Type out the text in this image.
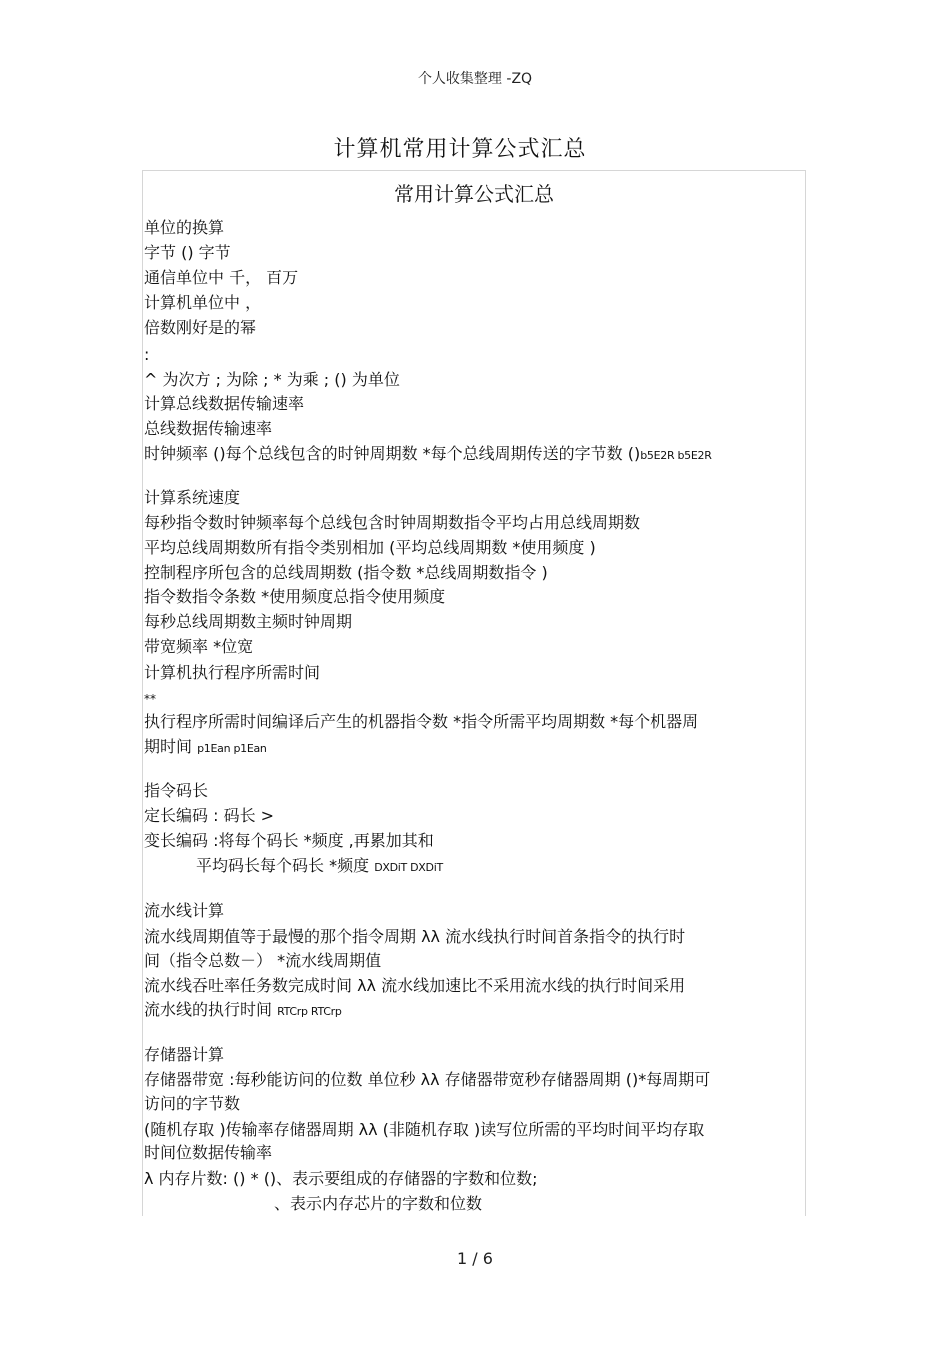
个人收集整理 -ZQ
计算机常用计算公式汇总
常用计算公式汇总
单位的换算
字节 () 字节
通信单位中 千， 百万
计算机单位中 ，
倍数刚好是的幂
:
^ 为次方 ; 为除 ; * 为乘 ; () 为单位
计算总线数据传输速率
总线数据传输速率
时钟频率 ()每个总线包含的时钟周期数 *每个总线周期传送的字节数 ()b5E2R b5E2R
计算系统速度
每秒指令数时钟频率每个总线包含时钟周期数指令平均占用总线周期数
平均总线周期数所有指令类别相加 (平均总线周期数 *使用频度 )
控制程序所包含的总线周期数 (指令数 *总线周期数指令 )
指令数指令条数 *使用频度总指令使用频度
每秒总线周期数主频时钟周期
带宽频率 *位宽
计算机执行程序所需时间
**
执行程序所需时间编译后产生的机器指令数 *指令所需平均周期数 *每个机器周
期时间 p1Ean p1Ean
指令码长
定长编码 : 码长 >
变长编码 :将每个码长 *频度 ,再累加其和
平均码长每个码长 *频度 DXDiT DXDiT
流水线计算
流水线周期值等于最慢的那个指令周期 λλ 流水线执行时间首条指令的执行时
间（指令总数－） *流水线周期值
流水线吞吐率任务数完成时间 λλ 流水线加速比不采用流水线的执行时间采用
流水线的执行时间 RTCrp RTCrp
存储器计算
存储器带宽 :每秒能访问的位数 单位秒 λλ 存储器带宽秒存储器周期 ()*每周期可
访问的字节数
(随机存取 )传输率存储器周期 λλ (非随机存取 )读写位所需的平均时间平均存取
时间位数据传输率
λ 内存片数: () * ()、表示要组成的存储器的字数和位数;
、表示内存芯片的字数和位数
1 / 6
